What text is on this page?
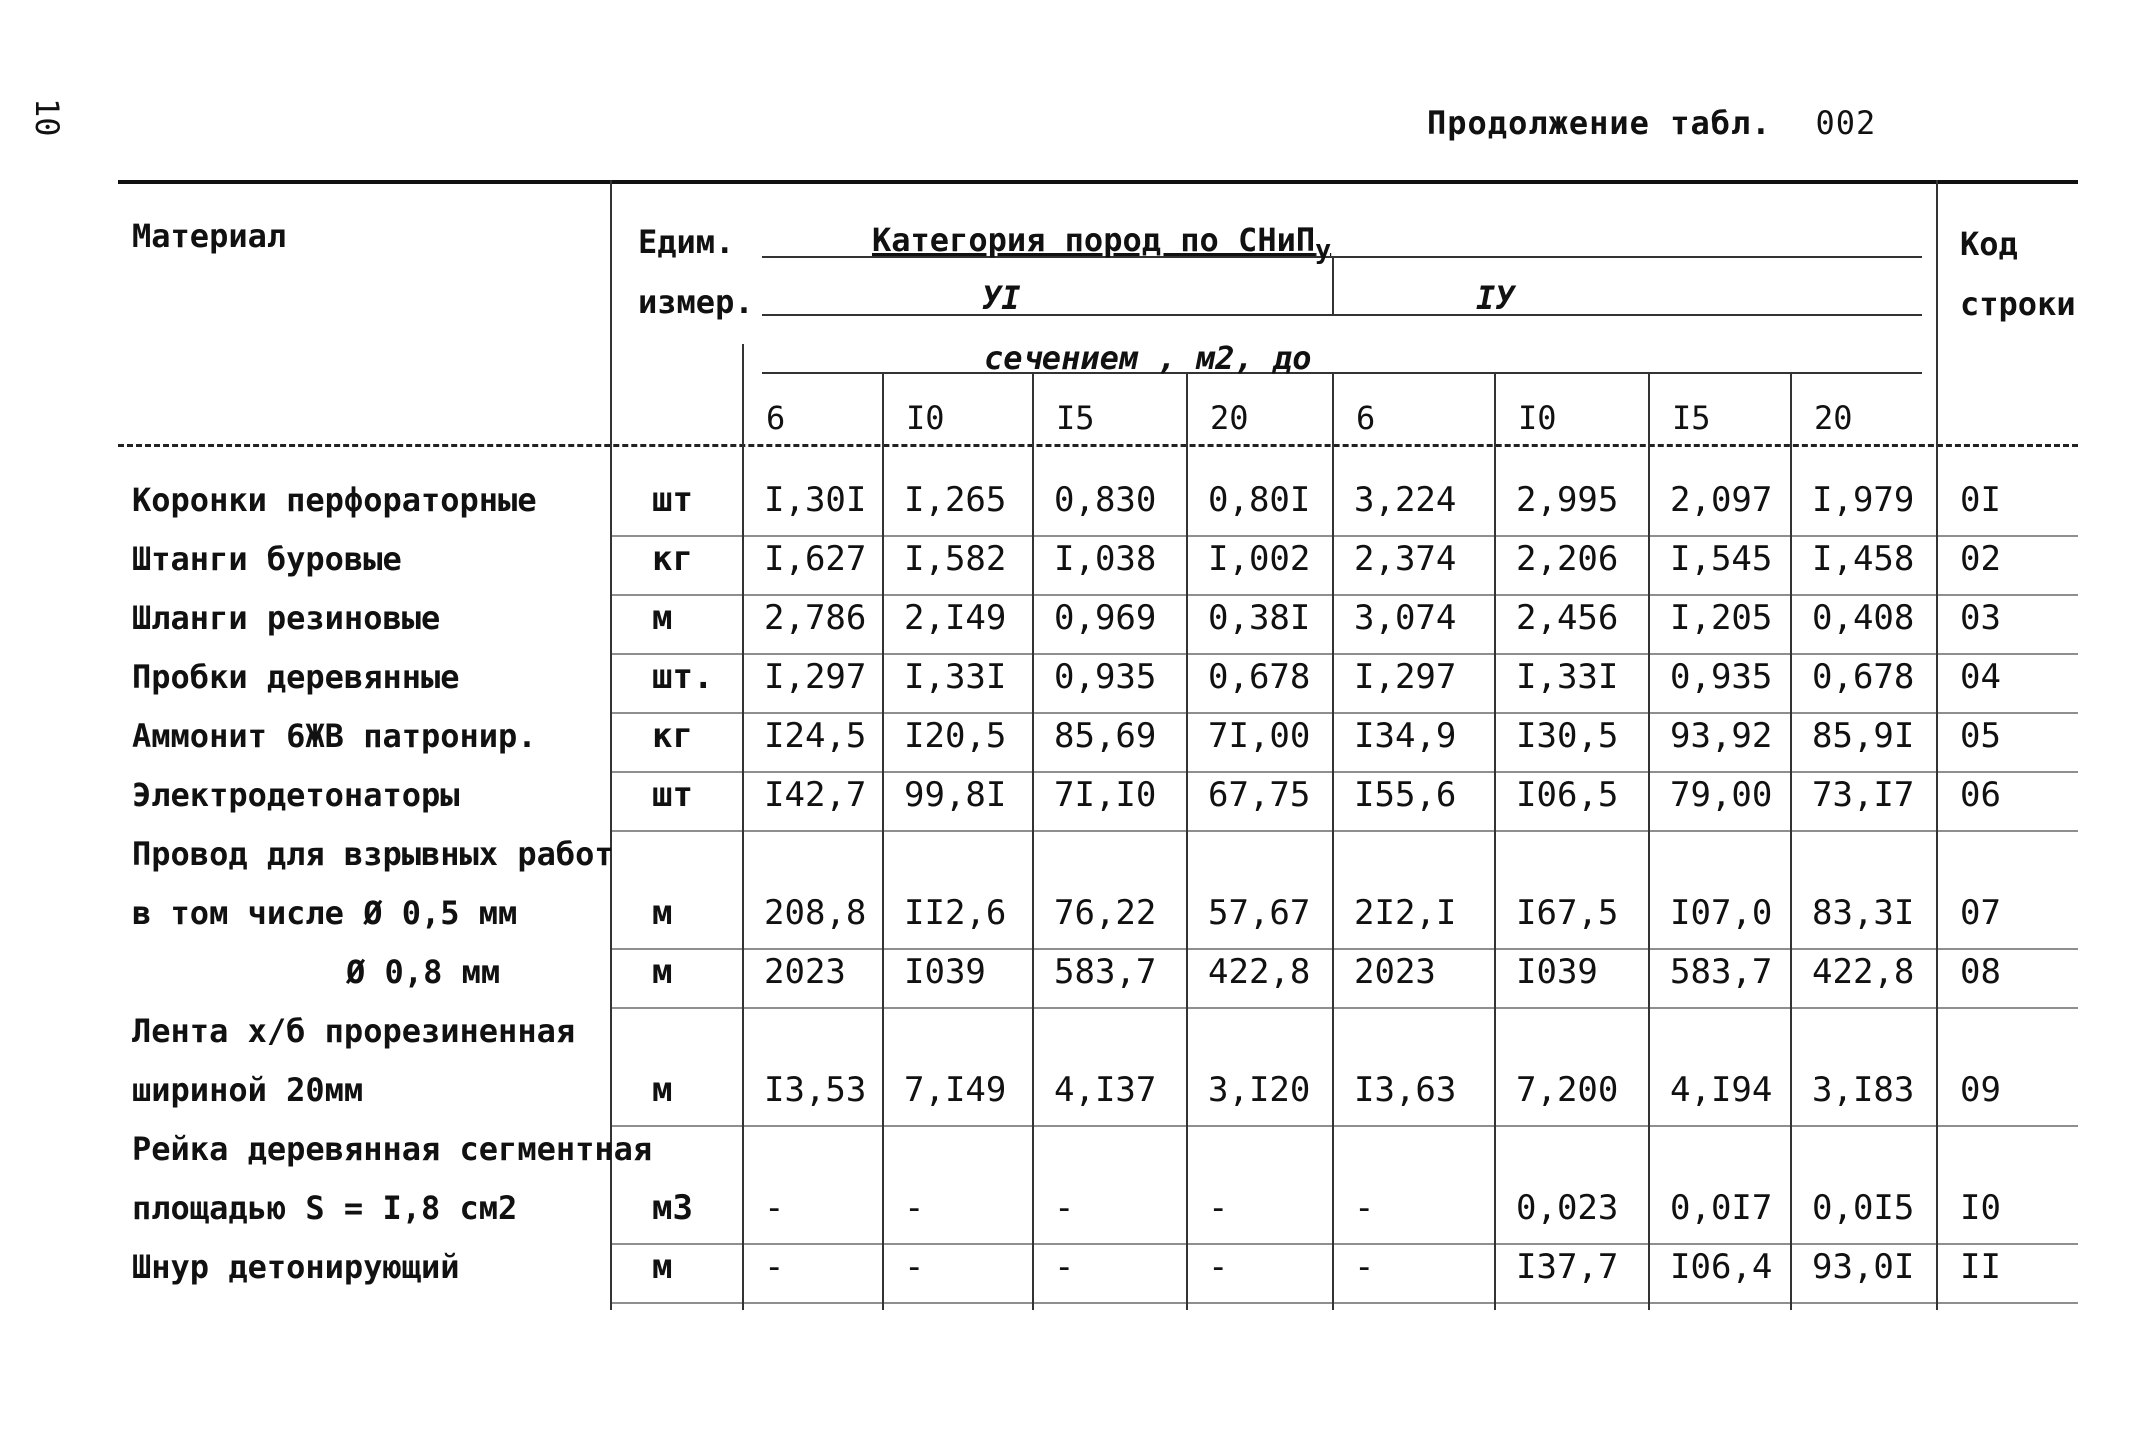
10	Продолжение табл. 002
Материал	Едим.
измер.
Категория пород по СНиП$_у$
УI	IУ
сечением , м2, до
Код
строки
6	I0	I5	20	6	I0	I5	20
Коронки перфораторные	шт I,30I I,265 0,830 0,80I 3,224 2,995 2,097 I,979 0I
Штанги буровые	кг I,627 I,582 I,038 I,002 2,374 2,206 I,545 I,458 02
Шланги резиновые	м	2,786 2,I49 0,969 0,38I 3,074 2,456 I,205 0,408 03
Пробки деревянные	шт. I,297 I,33I 0,935 0,678 I,297 I,33I 0,935 0,678 04
Аммонит 6ЖВ патронир.	кг I24,5 I20,5 85,69 7I,00 I34,9 I30,5 93,92 85,9I 05
Электродетонаторы	шт I42,7 99,8I 7I,I0 67,75 I55,6 I06,5 79,00 73,I7 06
Провод для взрывных работ
в том числе Ø 0,5 мм	м	208,8 II2,6 76,22 57,67 2I2,I I67,5 I07,0 83,3I 07
Ø 0,8 мм	м	2023 I039 583,7 422,8 2023 I039 583,7 422,8 08
Лента х/б прорезиненная
шириной 20мм	м	I3,53 7,I49 4,I37 3,I20 I3,63 7,200 4,I94 3,I83 09
Рейка деревянная сегментная
площадью S = I,8 см2	м3 -	-	-	-	-	0,023 0,0I7 0,0I5 I0
Шнур детонирующий	м	-	-	-	-	-	I37,7 I06,4 93,0I II
